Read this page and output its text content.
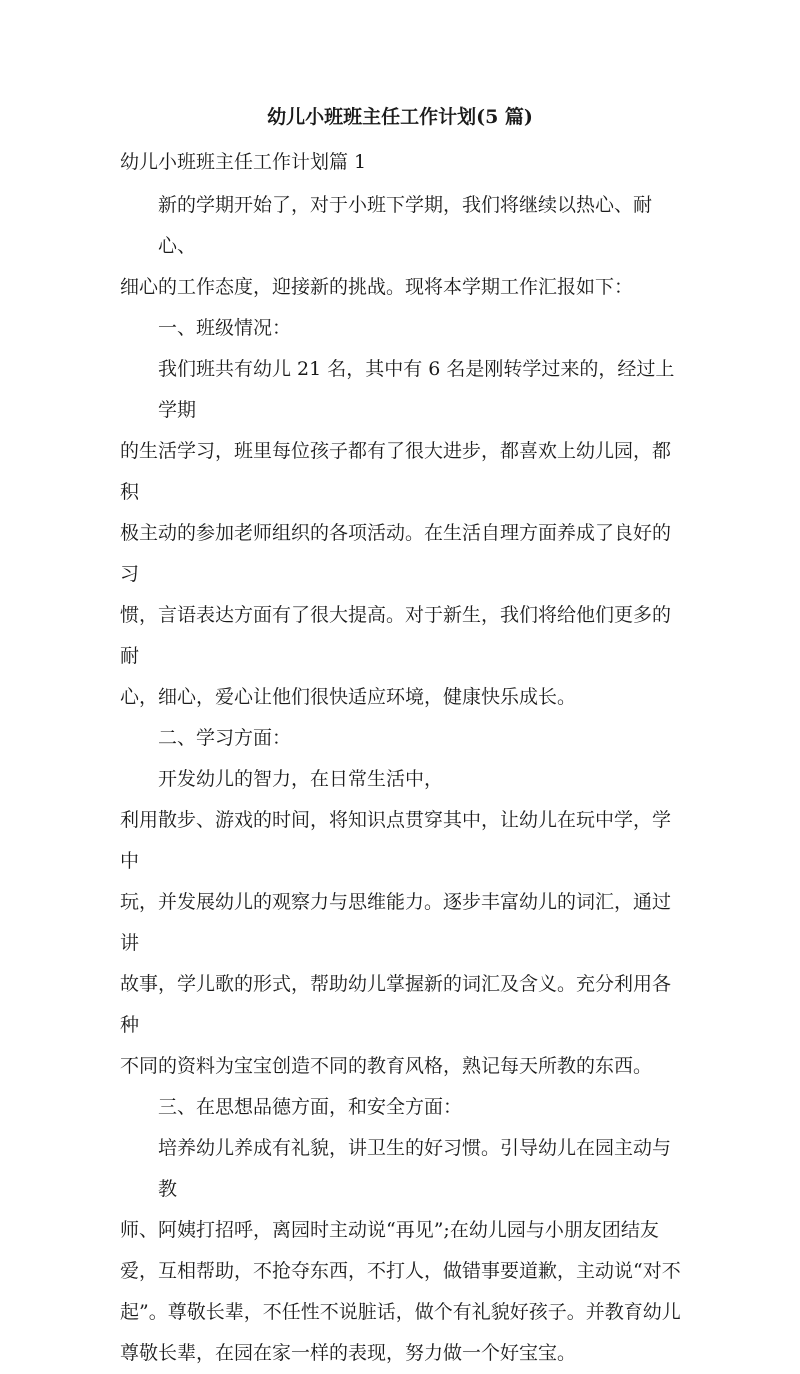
幼儿小班班主任工作计划(5 篇)

幼儿小班班主任工作计划篇 1

新的学期开始了，对于小班下学期，我们将继续以热心、耐心、
细心的工作态度，迎接新的挑战。现将本学期工作汇报如下：

一、班级情况：

我们班共有幼儿 21 名，其中有 6 名是刚转学过来的，经过上学期
的生活学习，班里每位孩子都有了很大进步，都喜欢上幼儿园，都积
极主动的参加老师组织的各项活动。在生活自理方面养成了良好的习
惯，言语表达方面有了很大提高。对于新生，我们将给他们更多的耐
心，细心，爱心让他们很快适应环境，健康快乐成长。

二、学习方面：

开发幼儿的智力，在日常生活中，
利用散步、游戏的时间，将知识点贯穿其中，让幼儿在玩中学，学中
玩，并发展幼儿的观察力与思维能力。逐步丰富幼儿的词汇，通过讲
故事，学儿歌的形式，帮助幼儿掌握新的词汇及含义。充分利用各种
不同的资料为宝宝创造不同的教育风格，熟记每天所教的东西。

三、在思想品德方面，和安全方面：

培养幼儿养成有礼貌，讲卫生的好习惯。引导幼儿在园主动与教
师、阿姨打招呼，离园时主动说“再见”;在幼儿园与小朋友团结友
爱，互相帮助，不抢夺东西，不打人，做错事要道歉，主动说“对不
起”。尊敬长辈，不任性不说脏话，做个有礼貌好孩子。并教育幼儿
尊敬长辈，在园在家一样的表现，努力做一个好宝宝。
